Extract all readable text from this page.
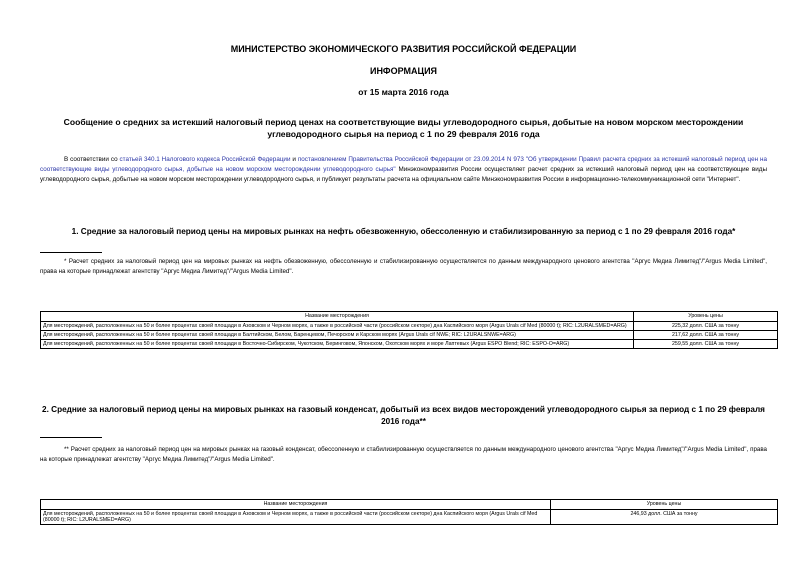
МИНИСТЕРСТВО ЭКОНОМИЧЕСКОГО РАЗВИТИЯ РОССИЙСКОЙ ФЕДЕРАЦИИ
ИНФОРМАЦИЯ
от 15 марта 2016 года
Сообщение о средних за истекший налоговый период ценах на соответствующие виды углеводородного сырья, добытые на новом морском месторождении углеводородного сырья на период с 1 по 29 февраля 2016 года
В соответствии со статьей 340.1 Налогового кодекса Российской Федерации и постановлением Правительства Российской Федерации от 23.09.2014 N 973 "Об утверждении Правил расчета средних за истекший налоговый период цен на соответствующие виды углеводородного сырья, добытые на новом морском месторождении углеводородного сырья" Минэкономразвития России осуществляет расчет средних за истекший налоговый период цен на соответствующие виды углеводородного сырья, добытые на новом морском месторождении углеводородного сырья, и публикует результаты расчета на официальном сайте Минэкономразвития России в информационно-телекоммуникационной сети "Интернет".
1. Средние за налоговый период цены на мировых рынках на нефть обезвоженную, обессоленную и стабилизированную за период с 1 по 29 февраля 2016 года*
* Расчет средних за налоговый период цен на мировых рынках на нефть обезвоженную, обессоленную и стабилизированную осуществляется по данным международного ценового агентства "Аргус Медиа Лимитед"/"Argus Media Limited", права на которые принадлежат агентству "Аргус Медиа Лимитед"/"Argus Media Limited".
Название месторождения	Уровень цены
Для месторождений, расположенных на 50 и более процентах своей площади в Азовском и Черном морях, а также в российской части (российском секторе) дна Каспийского моря (Argus Urals cif Med (80000 t); RIC: L2URALSMED=ARG)	225,32 долл. США за тонну
Для месторождений, расположенных на 50 и более процентах своей площади в Балтийском, Белом, Баренцевом, Печорском и Карском морях (Argus Urals cif NWE; RIC: L2URALSNWE=ARG)	217,62 долл. США за тонну
Для месторождений, расположенных на 50 и более процентах своей площади в Восточно-Сибирском, Чукотском, Беринговом, Японском, Охотском морях и море Лаптевых (Argus ESPO Blend; RIC: ESPO-O=ARG)	259,55 долл. США за тонну
2. Средние за налоговый период цены на мировых рынках на газовый конденсат, добытый из всех видов месторождений углеводородного сырья за период с 1 по 29 февраля 2016 года**
** Расчет средних за налоговый период цен на мировых рынках на газовый конденсат, обессоленную и стабилизированную осуществляется по данным международного ценового агентства "Аргус Медиа Лимитед"/"Argus Media Limited", права на которые принадлежат агентству "Аргус Медиа Лимитед"/"Argus Media Limited".
Название месторождения	Уровень цены
Для месторождений, расположенных на 50 и более процентах своей площади в Азовском и Черном морях, а также в российской части (российском секторе) дна Каспийского моря (Argus Urals cif Med (80000 t); RIC: L2URALSMED=ARG)	246,93 долл. США за тонну
